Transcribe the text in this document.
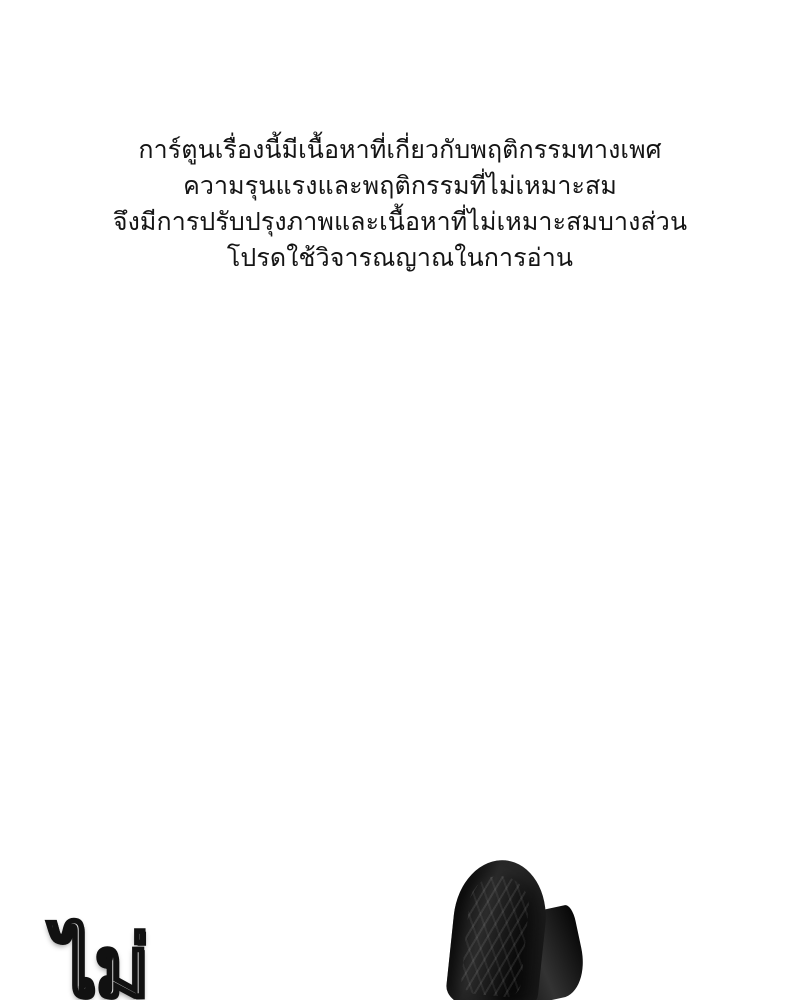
การ์ตูนเรื่องนี้มีเนื้อหาที่เกี่ยวกับพฤติกรรมทางเพศ
ความรุนแรงและพฤติกรรมที่ไม่เหมาะสม
จึงมีการปรับปรุงภาพและเนื้อหาที่ไม่เหมาะสมบางส่วน
โปรดใช้วิจารณญาณในการอ่าน
ไม่
